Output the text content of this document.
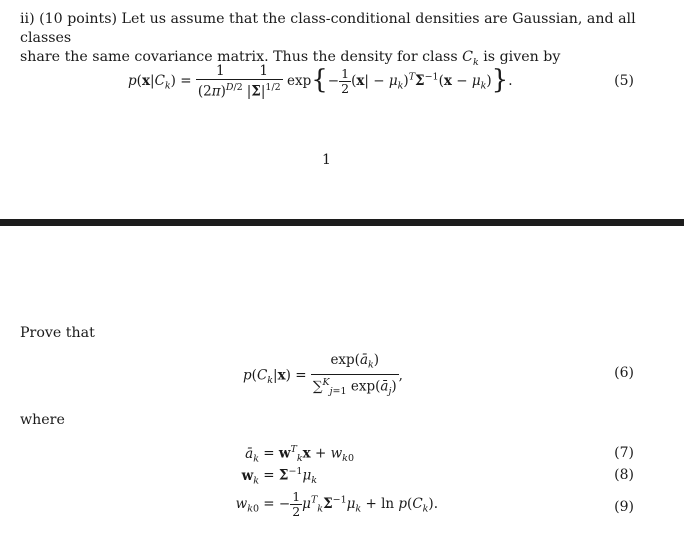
ii) (10 points) Let us assume that the class-conditional densities are Gaussian, and all classes
share the same covariance matrix. Thus the density for class $C_k$ is given by
$p(x|C_k) = \frac{1}{(2\pi)^{D/2}} \frac{1}{|\Sigma|^{1/2}} \exp\{- \frac{1}{2} (x| - \mu_k)^T\Sigma^{-1}(x - \mu_k)\}$.	(5)
1
Prove that
$p(C_k|x) = \frac{\exp(ā_k)}{\sum^K_{j=1} \exp(ā_j)}$ ,	(6)
where
$ā_k = w^T_kx + w_{k0}$	(7)
$w_k = \Sigma^{-1}\mu_k$	(8)
$w_{k0}$ = − $\frac{1}{2} \mu^T_k\Sigma^{-1}\mu_k + \ln p(C_k)$.	(9)
